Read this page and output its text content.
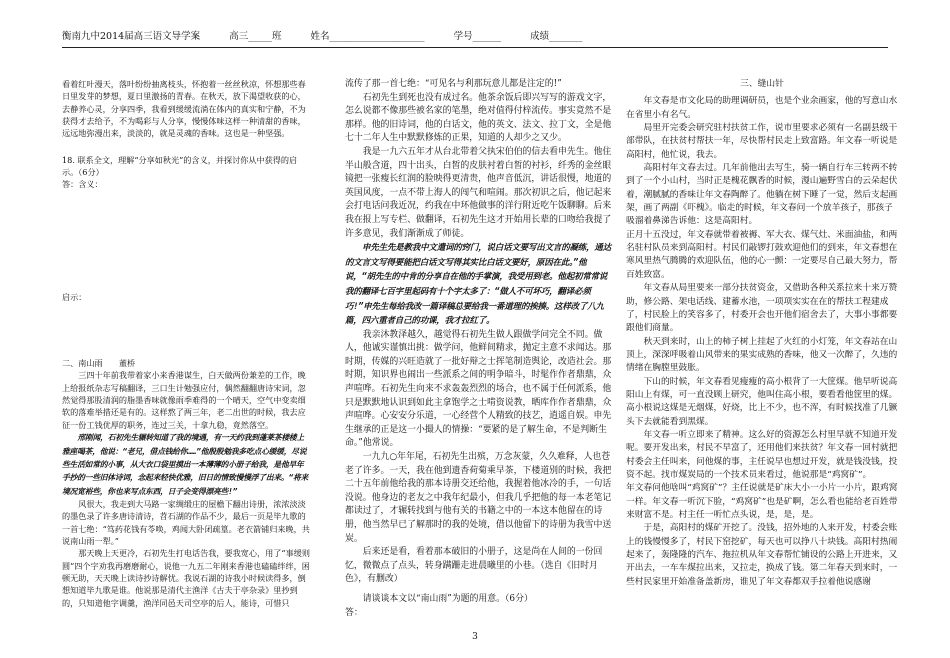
衡南九中2014届高三语文导学案	高三_____班	姓名____________________	学号______	成绩_______

看着红叶漫天，落叶纷纷抽离枝头，怀抱着一丝丝秋凉，怀想那些春日里发芽的梦想，夏日里激扬的青春。在秋天，放下渴望收获的心，去静养心灵，分享四季，我看到缓缓流淌在体内的真实和宁静，不为获得才去给予，不为喝彩与人分享，慢慢体味这样一种清甜的香味，远远地弥漫出来，淡淡的，就是灵魂的香味。这也是一种坚强。

18. 联系全文，理解“分享如秋光”的含义，并探讨你从中获得的启示。（6分）

答：含义：

启示：

二、南山雨　　董桥

三四十年前我带着家小来香港谋生，白天做两份兼差的工作，晚上给报纸杂志写稿翻译，三口生计勉强应付，偶然翻翻唐诗宋词，忽然觉得那股清润的脂墨香味就像雨季难得的一个晴天，空气中变卖细软的落难举措还是有的。这样熬了两三年，老二出世的时候，我去应征一份工钱优厚的职务，连过三关，十拿九稳，竟然落空。

邢刚闻，石初先生辗转知道了我的境遇，有一天约我到蓬莱茶楼楼上雅座喝茶，他说：“老兄，借点钱给你……”他殷殷勉我多吃点心缓缓，尽说些生活如常的小事，从大衣口袋里摸出一本薄薄的小册子给我，是他早年手抄的一些旧体诗词，念起来轻快优雅，旧日的情致慢慢浮了出来。“将来境况宽裕些，你也来写点东西，日子会变得漂亮些!”

风很大，我走到大马路一家绸缎庄的屋檐下翻出诗册，浓浓淡淡的墨色录了许多唐诗清诗，苕石湖的作品不少，最后一页是毕九歌的一首七绝：“笃药花钱有苓唤，鸡闻大卧闭疏篁。老衣箭铺归来晚，共说南山雨一犁。”

那天晚上天更冷，石初先生打电话告我，要我宽心，用了“事缓则圆”四个字劝我再磨磨耐心，说他一九五二年刚来香港也磕磕绊绊，困顿无助，天天晚上读诗抄诗解忧。我说石湖的诗我小时候读得多，倒想知道毕九歌是谁。他说那是清代主渔洋《古夫于亭杂录》里抄到的，只知道他字调羹，渔洋同邑天司空亭的后人，能诗，可惜只

流传了那一首七绝：“可见名与利那玩意儿都是注定的!”

石初先生到死也没有成过名。他茶余饭后即兴写写的游戏文字，怎么说都不像那些被名家的笔墨，绝对值得付梓流传。事实竟然不是那样。他的旧诗词，他的白话文，他的英文、法文、拉丁文，全是他七十二年人生中默默修炼的正果，知道的人却少之又少。

我是一九六五年才从台北带着父执宋伯伯的信去看申先生。他住半山般含道，四十出头，白皙的皮肤衬着白皙的衬衫，纤秀的金丝眼镜把一张瘦长红润的脸映得更清贵，他声音低沉，讲话很慢，地道的英国风度，一点不带上海人的闯气和喧闹。那次初识之后，他记起来会打电话问我近况，约我在中环他做事的洋行附近吃午饭聊聊。后来我在报上写专栏、做翻译，石初先生这才开始用长辈的口吻给我提了许多意见，我们渐渐成了师徒。

申先生先是教我中文遣词的窍门，说白话文要写出文言的凝练，通达的文言文写得要能把白话文写得其实比白话文要好，原因在此。”他说，“胡先生的中肯的分享自在他的手掌演，我受用到老。他起初常常说我的翻译七百字里起码有十个字太多了：“做人不可坏巧，翻译必须巧!”申先生每给我改一篇译稿总要给我一番道理的挨揍。这样改了八九篇，四六重者自己的功课，我才拉红了。

我亲沐教泽越久，越觉得石初先生做人跟做学问完全不同。做人，他诚实谨慎出挑：做学问，他鲜间精求，抛定主意不求闻达。那时期，传媒的兴旺造就了一批好辩之士挥笔制造舆论，改造社会。那时期，知识界也闹出一些派系之间的明争暗斗，时髦作作者鼎鼎，众声喧哗。石初先生向来不求轰轰烈烈的场合，也不属于任何派系，他只是默默地认识到如此主拿饱学之士啃资说教，晒库作作者鼎鼎，众声喧哗。心安安分乐道，一心经营个人精致的技艺，逍遥自娱。申先生继承的正是这一小撮人的情操：“要紧的是了解生命，不是判断生命。”他常说。

一九九○年年尾，石初先生出殡，万念灰蒙，久久难释，人也苍老了许多。一天，我在他到遗香荷菊乘早茶，下楼道别的时候，我把二十五年前他给我的那本诗册交还给他，我握着他冰冷的手，一句话没说。他身边的老友之中我年纪最小，但我几乎把他的每一本老笔记都读过了，才辗转找到与他有关的书籍之中的一本这本他留在的诗册，他当然早已了解那时的我的处境，借以他留下的诗册为我雪中送炭。

后来还是看，看着那本破旧的小册子，这是尚在人间的一份回忆，微微点了点头，转身蹒跚走进晨曦里的小巷。（选自《旧时月色》，有删改）

请谈谈本文以“南山雨”为题的用意。（6分）

答：

三、缝山针

年文春是市文化局的助理调研员，也是个业余画家，他的写意山水在省里小有名气。

局里开完委会研究驻村扶贫工作，说市里要求必须有一名副县级干部带队，在扶贫村帮扶一年，尽快帮村民走上致富路。年文春一听说是高阳村，他忙说，我去。

高阳村年文春去过。几年前他出去写生，骑一辆自行车三转两不转到了一个小山村，当时正是槐花飘香的时候，漫山遍野雪白的云朵起伏着，潮腻腻的香味让年文春陶醉了。他躺在树下睡了一觉，然后支起画架，画了两副《吓槐》。临走的时候，年文春问一个放羊孩子，那孩子吸溜着鼻涕告诉他：这是高阳村。

正月十五没过，年文春就带着被褥、军大衣、煤气灶、米面油盐，和两名驻村队员来到高阳村。村民们敲锣打鼓欢迎他们的到来，年文春想在寒风里热气腾腾的欢迎队伍，他的心一颤：一定要尽自己最大努力，帮百姓致富。

年文春从局里要来一部分扶贫资金，又借助各种关系拉来十来万赞助，修公路、架电话线、建蓄水池，一项项实实在在的帮扶工程建成了，村民脸上的笑容多了，村委开会也开他们宿舍去了，大事小事都要跟他们商量。

秋天到来时，山上的柿子树上挂起了火红的小灯笼，年文春站在山顶上，深深呼吸着山风带来的果实成熟的香味，他又一次醉了，久违的情绪在胸膛里鼓胀。

下山的时候，年文春看见瘦瘦的高小根背了一大筐煤。他早听说高阳山上有煤，可一直没顾上研究，他叫住高小根，要看看他筐里的煤。高小根说这煤是无烟煤，好烧，比上不少，也不浑，有时候找准了几镢头下去就能看到黑煤。

年文春一听立即来了精神。这么好的资源怎么村里早就不知道开发呢。要开发出来，村民不早富了，还用他们来扶贫？年文春一回村就把村委会主任叫来，问他煤的事，主任说早也想过开发，就是钱没钱，投资不起。找市煤炭局的一个技术员来看过，他说那是“鸡窝矿”。

年文春问他啥叫“鸡窝矿”？主任说就是矿床大小一小片一小片，跟鸡窝一样。年文春一听沉下脸，“鸡窝矿”也是矿啊，怎么看也能给老百姓带来财富不是。村主任一听忙点头说，是，是，是。

于是，高阳村的煤矿开挖了。没钱，招外地的人来开发，村委会账上的钱慢慢多了，村民下窑挖矿，每天也可以挣八十块钱。高阳村热闹起来了，轰隆隆的汽车、拖拉机从年文春帮忙铺设的公路上开进来，又开出去，一车车煤拉出来，又拉走，换成了钱。第二年春天到来时，一些村民家里开始准备盖新房，谁见了年文春都双手拉着他说感谢

3
